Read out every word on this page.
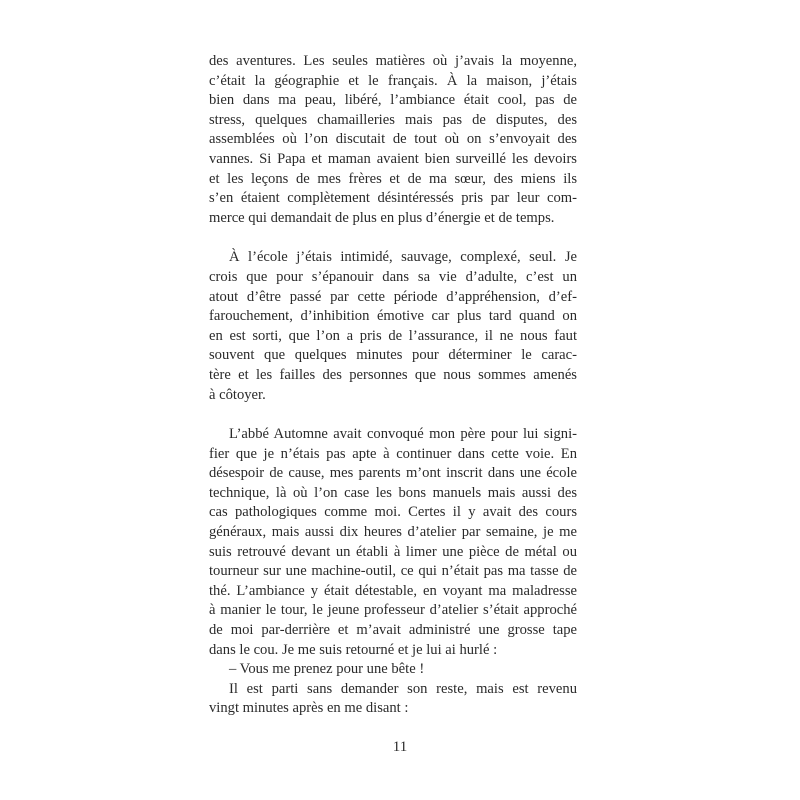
des aventures. Les seules matières où j’avais la moyenne,
c’était la géographie et le français. À la maison, j’étais
bien dans ma peau, libéré, l’ambiance était cool, pas de
stress, quelques chamailleries mais pas de disputes, des
assemblées où l’on discutait de tout où on s’envoyait des
vannes. Si Papa et maman avaient bien surveillé les devoirs
et les leçons de mes frères et de ma sœur, des miens ils
s’en étaient complètement désintéressés pris par leur com-
merce qui demandait de plus en plus d’énergie et de temps.
À l’école j’étais intimidé, sauvage, complexé, seul. Je
crois que pour s’épanouir dans sa vie d’adulte, c’est un
atout d’être passé par cette période d’appréhension, d’ef-
farouchement, d’inhibition émotive car plus tard quand on
en est sorti, que l’on a pris de l’assurance, il ne nous faut
souvent que quelques minutes pour déterminer le carac-
tère et les failles des personnes que nous sommes amenés
à côtoyer.
L’abbé Automne avait convoqué mon père pour lui signi-
fier que je n’étais pas apte à continuer dans cette voie. En
désespoir de cause, mes parents m’ont inscrit dans une école
technique, là où l’on case les bons manuels mais aussi des
cas pathologiques comme moi. Certes il y avait des cours
généraux, mais aussi dix heures d’atelier par semaine, je me
suis retrouvé devant un établi à limer une pièce de métal ou
tourneur sur une machine-outil, ce qui n’était pas ma tasse de
thé. L’ambiance y était détestable, en voyant ma maladresse
à manier le tour, le jeune professeur d’atelier s’était approché
de moi par-derrière et m’avait administré une grosse tape
dans le cou. Je me suis retourné et je lui ai hurlé :
– Vous me prenez pour une bête !
Il est parti sans demander son reste, mais est revenu
vingt minutes après en me disant :
11
